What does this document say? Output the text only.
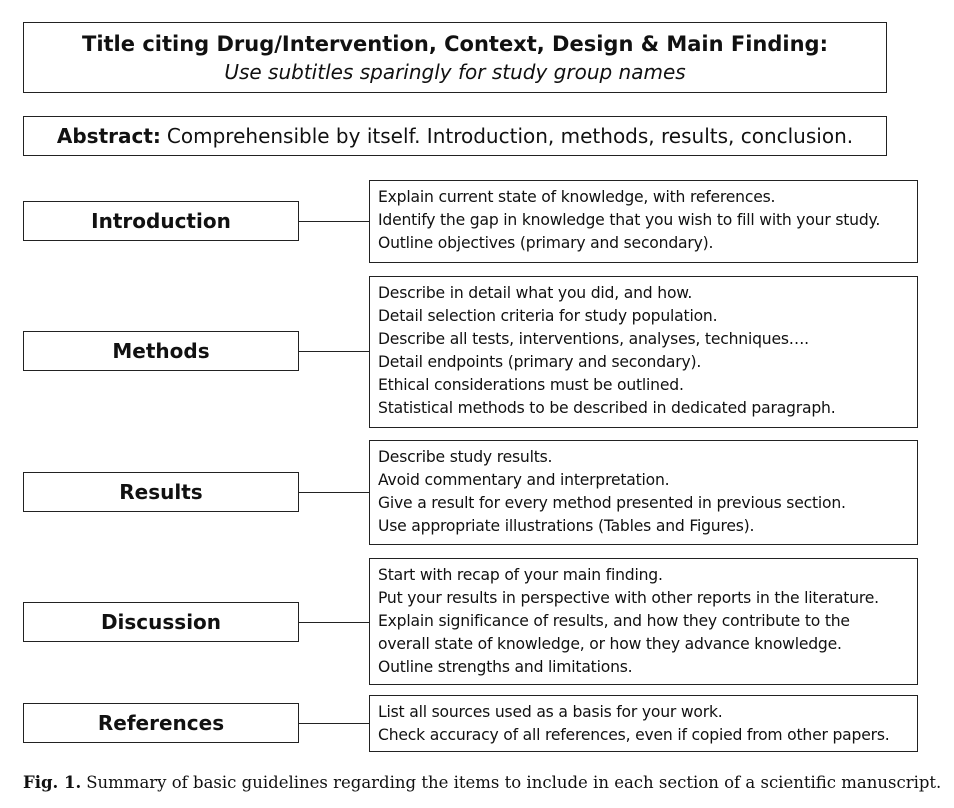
Title citing Drug/Intervention, Context, Design & Main Finding:
Use subtitles sparingly for study group names
Abstract: Comprehensible by itself. Introduction, methods, results, conclusion.
Introduction
Explain current state of knowledge, with references.
Identify the gap in knowledge that you wish to fill with your study.
Outline objectives (primary and secondary).
Methods
Describe in detail what you did, and how.
Detail selection criteria for study population.
Describe all tests, interventions, analyses, techniques….
Detail endpoints (primary and secondary).
Ethical considerations must be outlined.
Statistical methods to be described in dedicated paragraph.
Results
Describe study results.
Avoid commentary and interpretation.
Give a result for every method presented in previous section.
Use appropriate illustrations (Tables and Figures).
Discussion
Start with recap of your main finding.
Put your results in perspective with other reports in the literature.
Explain significance of results, and how they contribute to the
overall state of knowledge, or how they advance knowledge.
Outline strengths and limitations.
References	List all sources used as a basis for your work.
Check accuracy of all references, even if copied from other papers.
Fig. 1. Summary of basic guidelines regarding the items to include in each section of a scientific manuscript.
